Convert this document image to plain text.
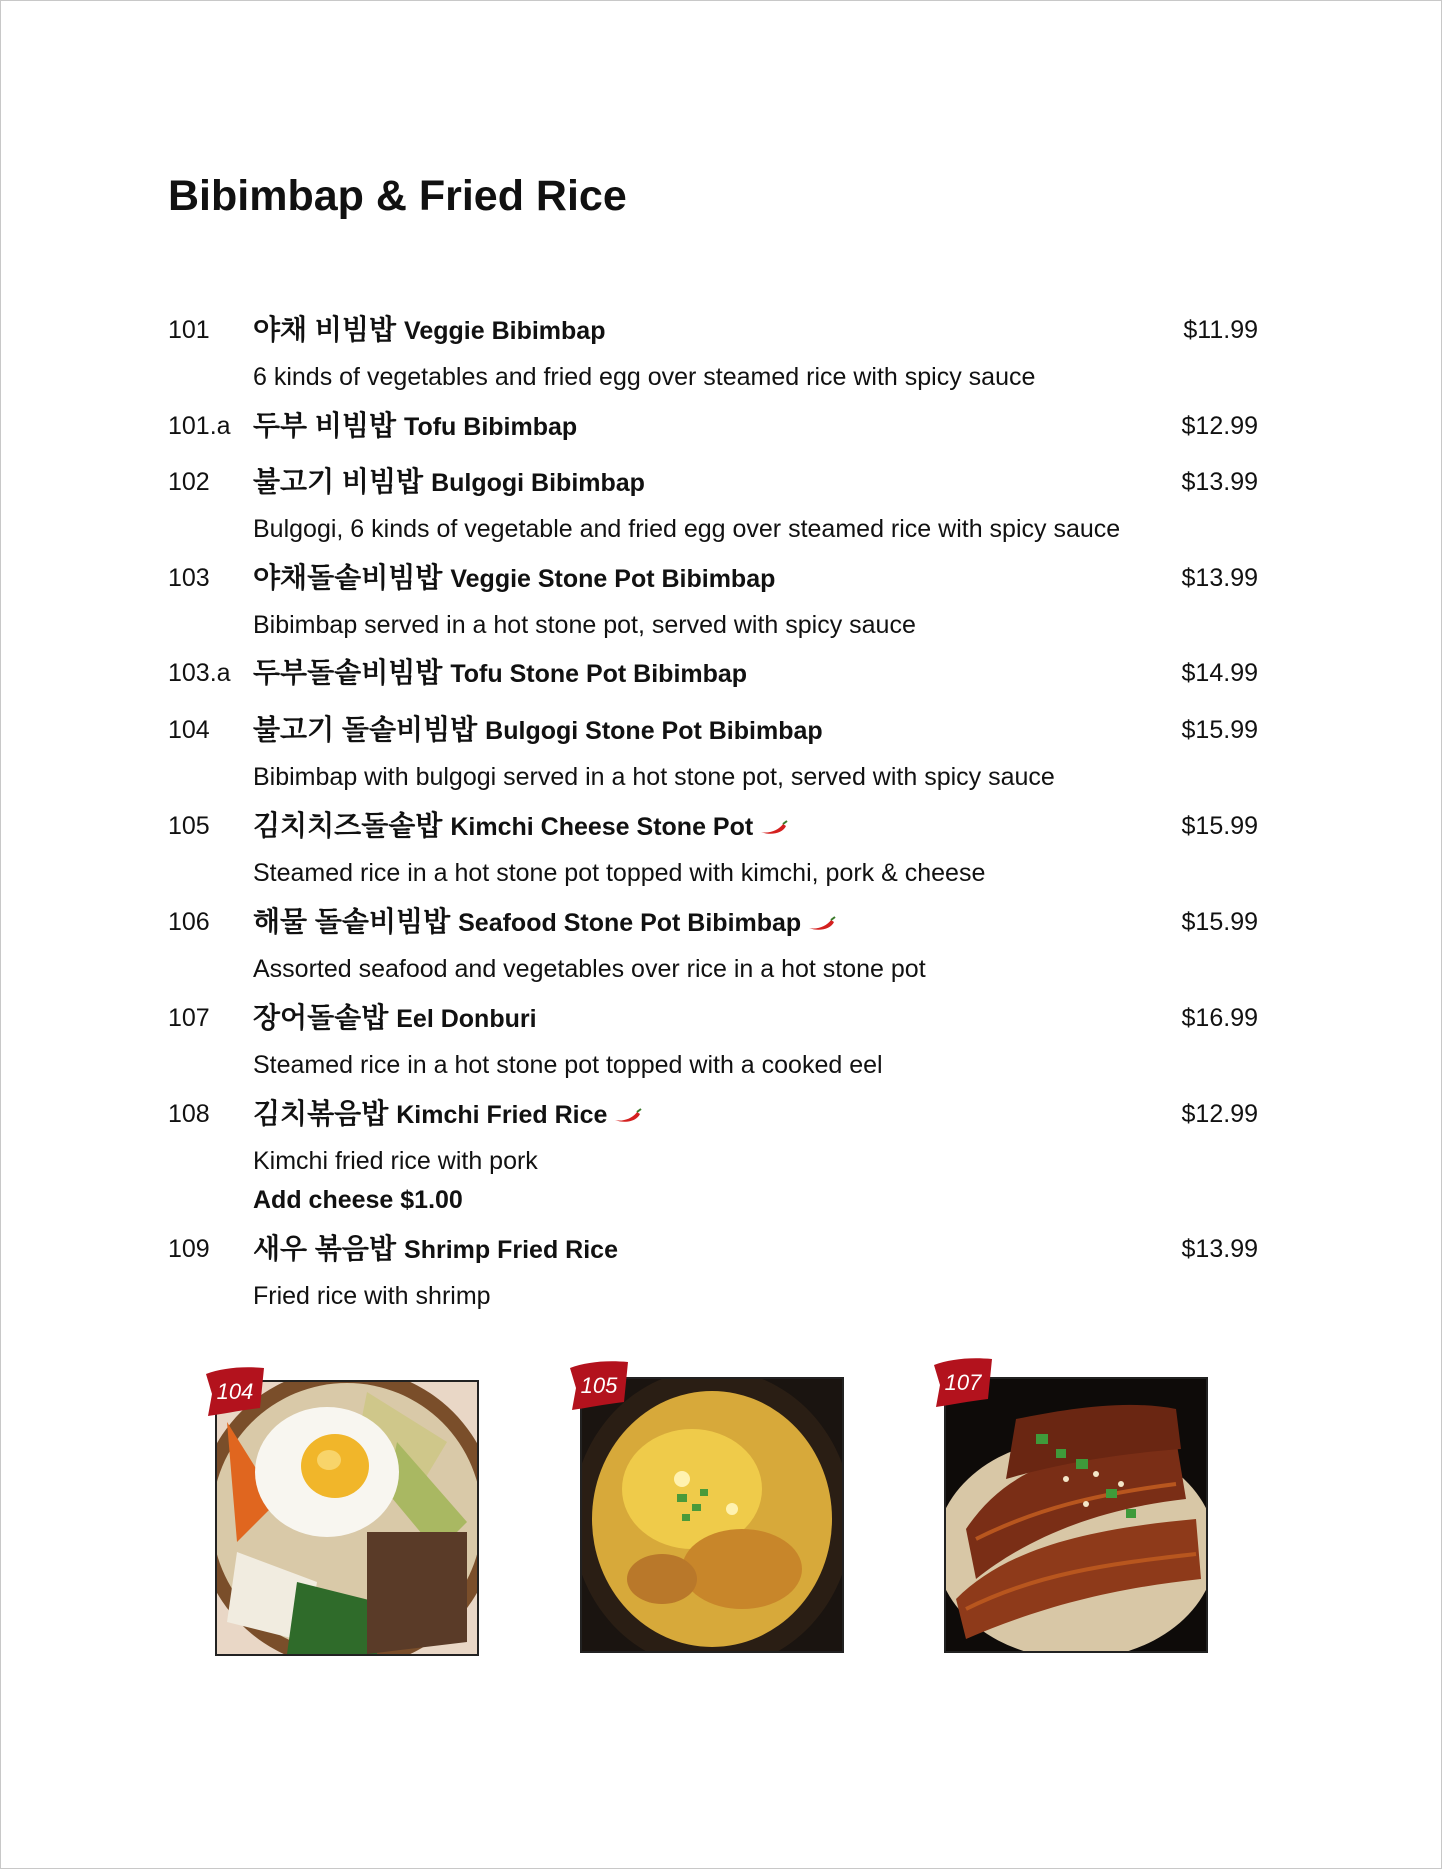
Bibimbap & Fried Rice
101 야채 비빔밥 Veggie Bibimbap	$11.99
6 kinds of vegetables and fried egg over steamed rice with spicy sauce
101.a 두부 비빔밥 Tofu Bibimbap	$12.99
102 불고기 비빔밥 Bulgogi Bibimbap	$13.99
Bulgogi, 6 kinds of vegetable and fried egg over steamed rice with spicy sauce
103 야채돌솥비빔밥 Veggie Stone Pot Bibimbap	$13.99
Bibimbap served in a hot stone pot, served with spicy sauce
103.a 두부돌솥비빔밥 Tofu Stone Pot Bibimbap	$14.99
104 불고기 돌솥비빔밥 Bulgogi Stone Pot Bibimbap	$15.99
Bibimbap with bulgogi served in a hot stone pot, served with spicy sauce
105 김치치즈돌솥밥 Kimchi Cheese Stone Pot	$15.99
Steamed rice in a hot stone pot topped with kimchi, pork & cheese
106 해물 돌솥비빔밥 Seafood Stone Pot Bibimbap	$15.99
Assorted seafood and vegetables over rice in a hot stone pot
107 장어돌솥밥 Eel Donburi	$16.99
Steamed rice in a hot stone pot topped with a cooked eel
108 김치볶음밥 Kimchi Fried Rice	$12.99
Kimchi fried rice with pork
Add cheese $1.00
109 새우 볶음밥 Shrimp Fried Rice	$13.99
Fried rice with shrimp
104	105	107
